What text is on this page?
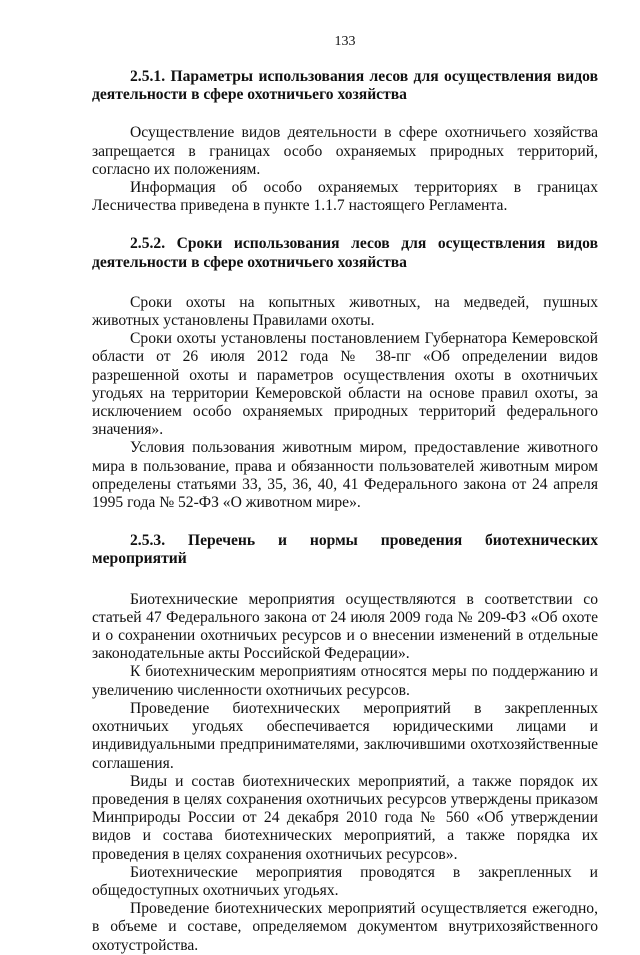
133

2.5.1. Параметры использования лесов для осуществления видов деятельности в сфере охотничьего хозяйства

Осуществление видов деятельности в сфере охотничьего хозяйства запрещается в границах особо охраняемых природных территорий, согласно их положениям.

Информация об особо охраняемых территориях в границах Лесничества приведена в пункте 1.1.7 настоящего Регламента.

2.5.2. Сроки использования лесов для осуществления видов деятельности в сфере охотничьего хозяйства

Сроки охоты на копытных животных, на медведей, пушных животных установлены Правилами охоты.

Сроки охоты установлены постановлением Губернатора Кемеровской области от 26 июля 2012 года № 38-пг «Об определении видов разрешенной охоты и параметров осуществления охоты в охотничьих угодьях на территории Кемеровской области на основе правил охоты, за исключением особо охраняемых природных территорий федерального значения».

Условия пользования животным миром, предоставление животного мира в пользование, права и обязанности пользователей животным миром определены статьями 33, 35, 36, 40, 41 Федерального закона от 24 апреля 1995 года № 52-ФЗ «О животном мире».

2.5.3. Перечень и нормы проведения биотехнических мероприятий

Биотехнические мероприятия осуществляются в соответствии со статьей 47 Федерального закона от 24 июля 2009 года № 209-ФЗ «Об охоте и о сохранении охотничьих ресурсов и о внесении изменений в отдельные законодательные акты Российской Федерации».

К биотехническим мероприятиям относятся меры по поддержанию и увеличению численности охотничьих ресурсов.

Проведение биотехнических мероприятий в закрепленных охотничьих угодьях обеспечивается юридическими лицами и индивидуальными предпринимателями, заключившими охотхозяйственные соглашения.

Виды и состав биотехнических мероприятий, а также порядок их проведения в целях сохранения охотничьих ресурсов утверждены приказом Минприроды России от 24 декабря 2010 года № 560 «Об утверждении видов и состава биотехнических мероприятий, а также порядка их проведения в целях сохранения охотничьих ресурсов».

Биотехнические мероприятия проводятся в закрепленных и общедоступных охотничьих угодьях.

Проведение биотехнических мероприятий осуществляется ежегодно, в объеме и составе, определяемом документом внутрихозяйственного охотустройства.
